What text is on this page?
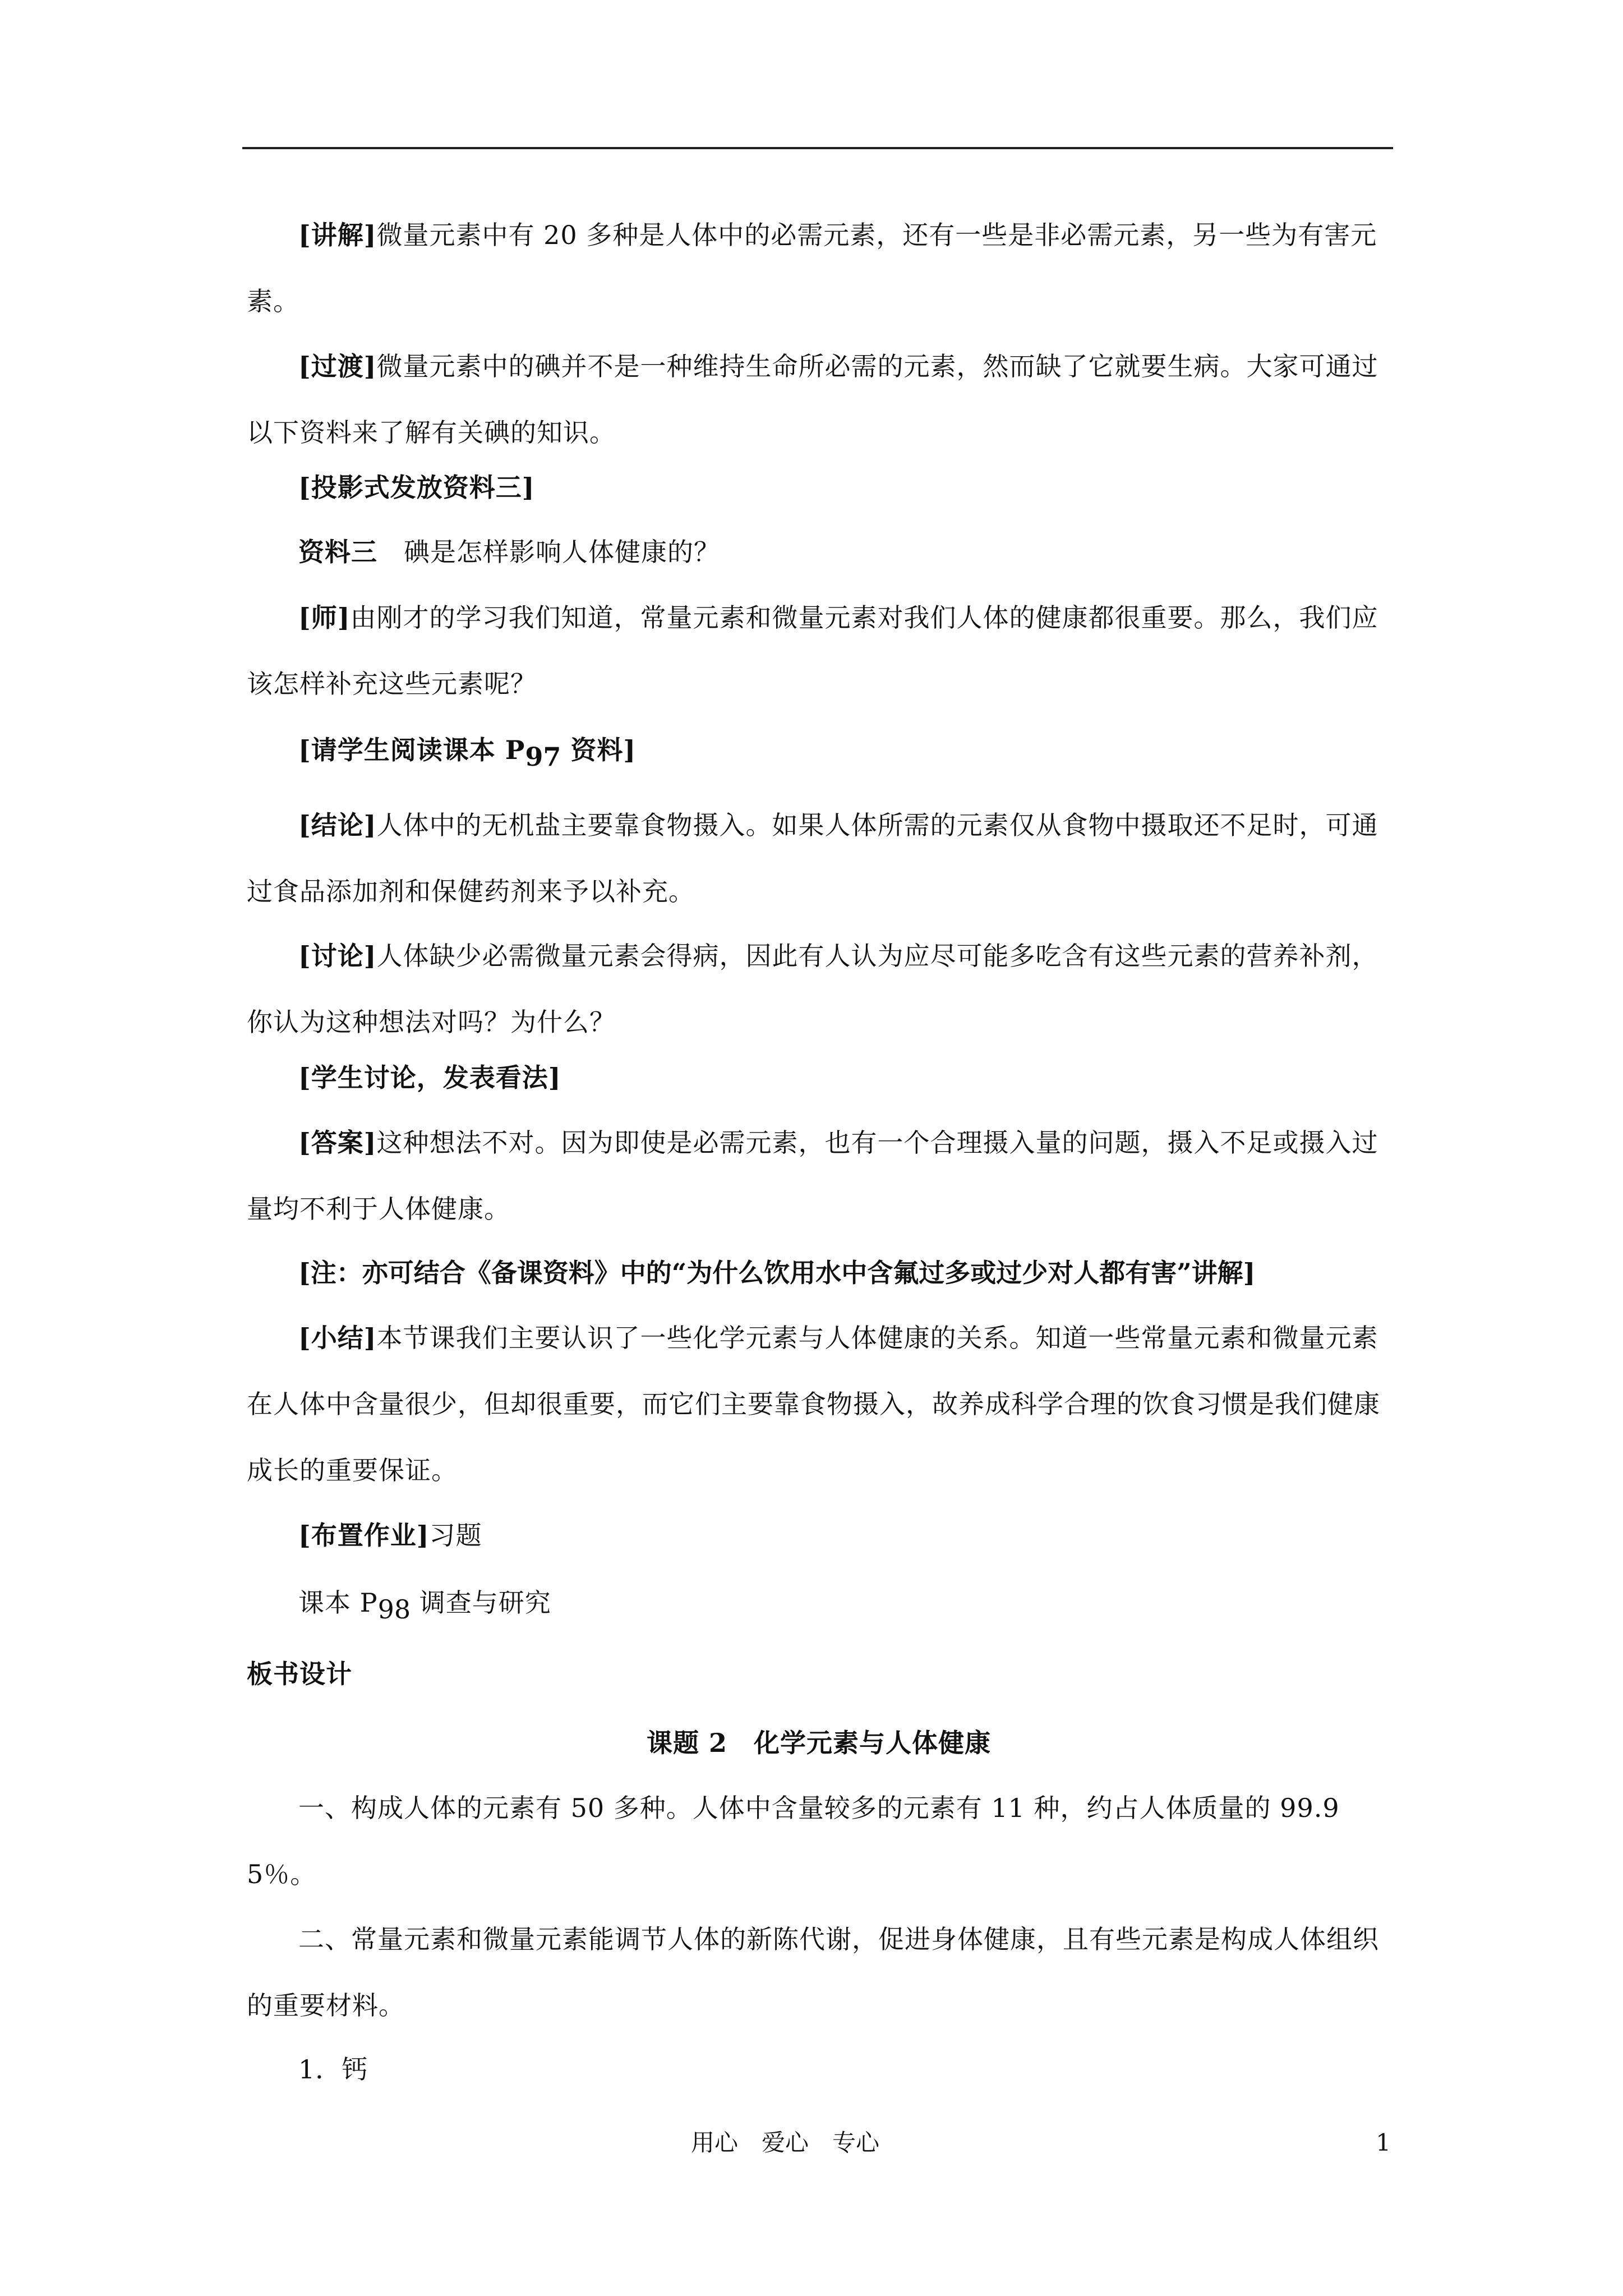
[讲解]微量元素中有 20 多种是人体中的必需元素，还有一些是非必需元素，另一些为有害元素。

[过渡]微量元素中的碘并不是一种维持生命所必需的元素，然而缺了它就要生病。大家可通过以下资料来了解有关碘的知识。

[投影式发放资料三]

资料三　碘是怎样影响人体健康的？

[师]由刚才的学习我们知道，常量元素和微量元素对我们人体的健康都很重要。那么，我们应该怎样补充这些元素呢？

[请学生阅读课本 P97 资料]

[结论]人体中的无机盐主要靠食物摄入。如果人体所需的元素仅从食物中摄取还不足时，可通过食品添加剂和保健药剂来予以补充。

[讨论]人体缺少必需微量元素会得病，因此有人认为应尽可能多吃含有这些元素的营养补剂，你认为这种想法对吗？为什么？

[学生讨论，发表看法]

[答案]这种想法不对。因为即使是必需元素，也有一个合理摄入量的问题，摄入不足或摄入过量均不利于人体健康。

[注：亦可结合《备课资料》中的“为什么饮用水中含氟过多或过少对人都有害”讲解]

[小结]本节课我们主要认识了一些化学元素与人体健康的关系。知道一些常量元素和微量元素在人体中含量很少，但却很重要，而它们主要靠食物摄入，故养成科学合理的饮食习惯是我们健康成长的重要保证。

[布置作业]习题

课本 P98 调查与研究

板书设计

课题 2　化学元素与人体健康

一、构成人体的元素有 50 多种。人体中含量较多的元素有 11 种，约占人体质量的 99.95％。

二、常量元素和微量元素能调节人体的新陈代谢，促进身体健康，且有些元素是构成人体组织的重要材料。

1．钙

用心　爱心　专心	1
